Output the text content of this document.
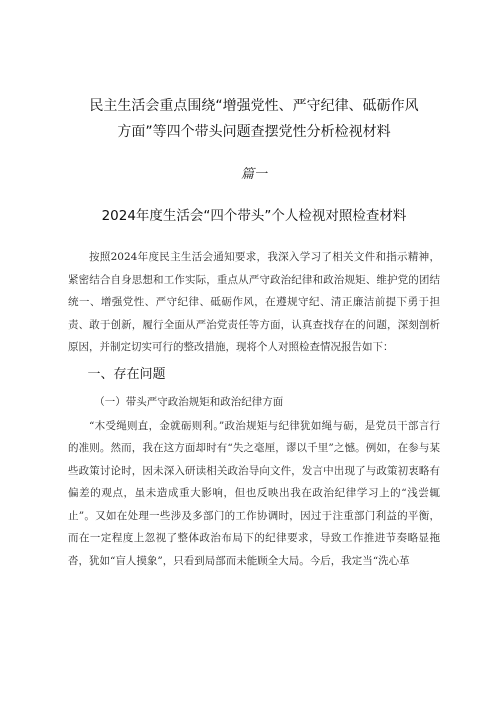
民主生活会重点围绕“增强党性、严守纪律、砥砺作风
方面”等四个带头问题查摆党性分析检视材料
篇一
2024年度生活会“四个带头”个人检视对照检查材料

按照2024年度民主生活会通知要求，我深入学习了相关文件和指示精神，紧密结合自身思想和工作实际，重点从严守政治纪律和政治规矩、维护党的团结统一、增强党性、严守纪律、砥砺作风，在遵规守纪、清正廉洁前提下勇于担责、敢于创新，履行全面从严治党责任等方面，认真查找存在的问题，深刻剖析原因，并制定切实可行的整改措施，现将个人对照检查情况报告如下：

一、存在问题
（一）带头严守政治规矩和政治纪律方面

“木受绳则直，金就砺则利。”政治规矩与纪律犹如绳与砺，是党员干部言行的准则。然而，我在这方面却时有“失之毫厘，谬以千里”之憾。例如，在参与某些政策讨论时，因未深入研读相关政治导向文件，发言中出现了与政策初衷略有偏差的观点，虽未造成重大影响，但也反映出我在政治纪律学习上的“浅尝辄止”。又如在处理一些涉及多部门的工作协调时，因过于注重部门利益的平衡，而在一定程度上忽视了整体政治布局下的纪律要求，导致工作推进节奏略显拖沓，犹如“盲人摸象”，只看到局部而未能顾全大局。今后，我定当“洗心革
